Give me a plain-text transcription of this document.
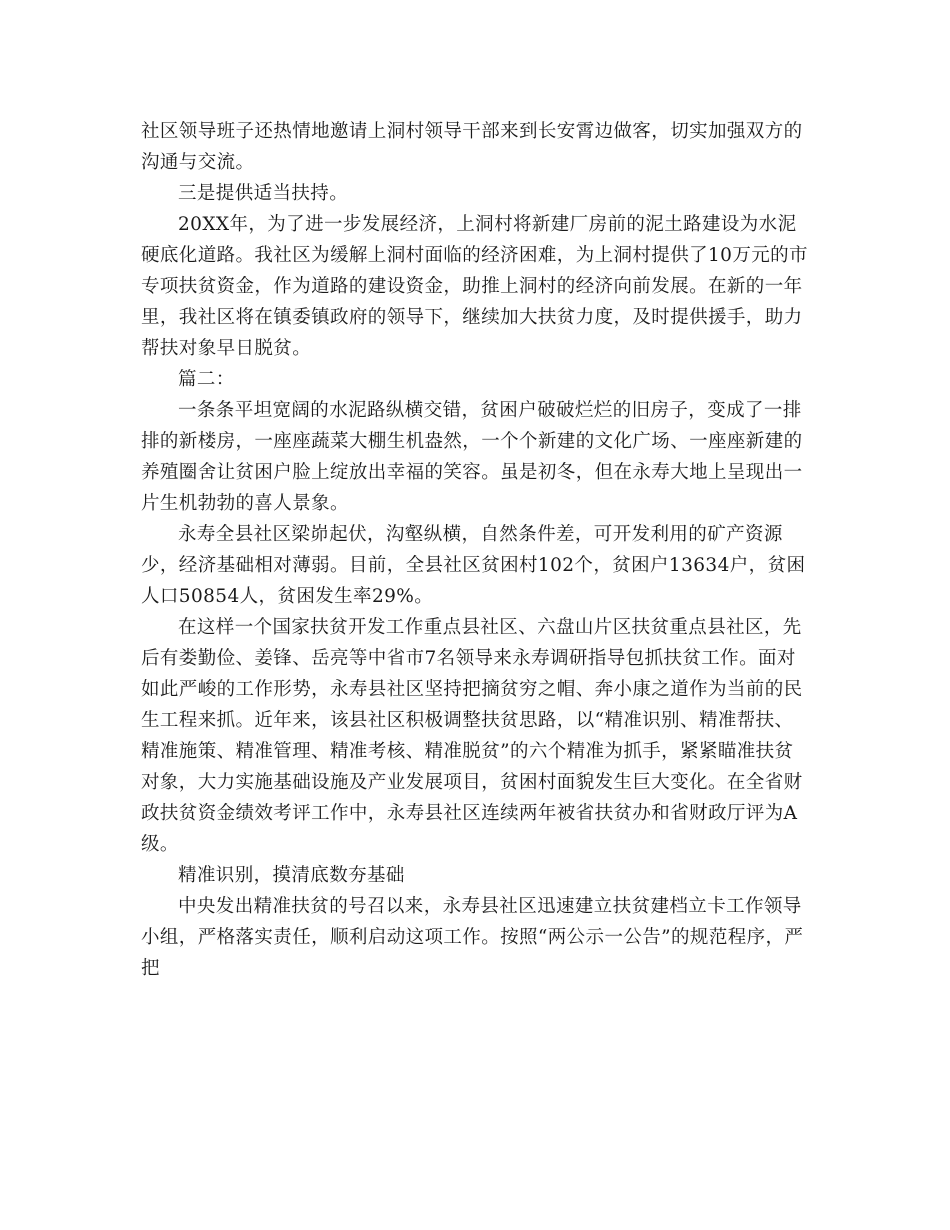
社区领导班子还热情地邀请上洞村领导干部来到长安霄边做客，切实加强双方的沟通与交流。

三是提供适当扶持。

20XX年，为了进一步发展经济，上洞村将新建厂房前的泥土路建设为水泥硬底化道路。我社区为缓解上洞村面临的经济困难，为上洞村提供了10万元的市专项扶贫资金，作为道路的建设资金，助推上洞村的经济向前发展。在新的一年里，我社区将在镇委镇政府的领导下，继续加大扶贫力度，及时提供援手，助力帮扶对象早日脱贫。

篇二：

一条条平坦宽阔的水泥路纵横交错，贫困户破破烂烂的旧房子，变成了一排排的新楼房，一座座蔬菜大棚生机盎然，一个个新建的文化广场、一座座新建的养殖圈舍让贫困户脸上绽放出幸福的笑容。虽是初冬，但在永寿大地上呈现出一片生机勃勃的喜人景象。

永寿全县社区梁峁起伏，沟壑纵横，自然条件差，可开发利用的矿产资源少，经济基础相对薄弱。目前，全县社区贫困村102个，贫困户13634户，贫困人口50854人，贫困发生率29%。

在这样一个国家扶贫开发工作重点县社区、六盘山片区扶贫重点县社区，先后有娄勤俭、姜锋、岳亮等中省市7名领导来永寿调研指导包抓扶贫工作。面对如此严峻的工作形势，永寿县社区坚持把摘贫穷之帽、奔小康之道作为当前的民生工程来抓。近年来，该县社区积极调整扶贫思路，以“精准识别、精准帮扶、精准施策、精准管理、精准考核、精准脱贫”的六个精准为抓手，紧紧瞄准扶贫对象，大力实施基础设施及产业发展项目，贫困村面貌发生巨大变化。在全省财政扶贫资金绩效考评工作中，永寿县社区连续两年被省扶贫办和省财政厅评为A级。

精准识别，摸清底数夯基础

中央发出精准扶贫的号召以来，永寿县社区迅速建立扶贫建档立卡工作领导小组，严格落实责任，顺利启动这项工作。按照“两公示一公告”的规范程序，严把
